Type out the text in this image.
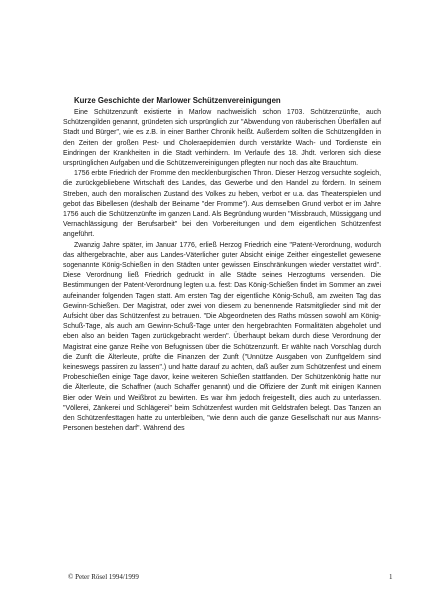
Kurze Geschichte der Marlower Schützenvereinigungen

Eine Schützenzunft existierte in Marlow nachweislich schon 1703. Schützenzünfte, auch Schützengilden genannt, gründeten sich ursprünglich zur "Abwendung von räuberischen Überfällen auf Stadt und Bürger", wie es z.B. in einer Barther Chronik heißt. Außerdem sollten die Schützengilden in den Zeiten der großen Pest- und Choleraepidemien durch verstärkte Wach- und Tordienste ein Eindringen der Krankheiten in die Stadt verhindern. Im Verlaufe des 18. Jhdt. verloren sich diese ursprünglichen Aufgaben und die Schützenvereinigungen pflegten nur noch das alte Brauchtum.

1756 erbte Friedrich der Fromme den mecklenburgischen Thron. Dieser Herzog versuchte sogleich, die zurückgebliebene Wirtschaft des Landes, das Gewerbe und den Handel zu fördern. In seinem Streben, auch den moralischen Zustand des Volkes zu heben, verbot er u.a. das Theaterspielen und gebot das Bibellesen (deshalb der Beiname "der Fromme"). Aus demselben Grund verbot er im Jahre 1756 auch die Schützenzünfte im ganzen Land. Als Begründung wurden "Missbrauch, Müssiggang und Vernachlässigung der Berufsarbeit" bei den Vorbereitungen und dem eigentlichen Schützenfest angeführt.

Zwanzig Jahre später, im Januar 1776, erließ Herzog Friedrich eine "Patent-Verordnung, wodurch das althergebrachte, aber aus Landes-Väterlicher guter Absicht einige Zeither eingestellet gewesene sogenannte König-Schießen in den Städten unter gewissen Einschränkungen wieder verstattet wird". Diese Verordnung ließ Friedrich gedruckt in alle Städte seines Herzogtums versenden. Die Bestimmungen der Patent-Verordnung legten u.a. fest: Das König-Schießen findet im Sommer an zwei aufeinander folgenden Tagen statt. Am ersten Tag der eigentliche König-Schuß, am zweiten Tag das Gewinn-Schießen. Der Magistrat, oder zwei von diesem zu benennende Ratsmitglieder sind mit der Aufsicht über das Schützenfest zu betrauen. "Die Abgeordneten des Raths müssen sowohl am König-Schuß-Tage, als auch am Gewinn-Schuß-Tage unter den hergebrachten Formalitäten abgeholet und eben also an beiden Tagen zurückgebracht werden". Überhaupt bekam durch diese Verordnung der Magistrat eine ganze Reihe von Befugnissen über die Schützenzunft. Er wählte nach Vorschlag durch die Zunft die Älterleute, prüfte die Finanzen der Zunft ("Unnütze Ausgaben von Zunftgeldern sind keineswegs passiren zu lassen".) und hatte darauf zu achten, daß außer zum Schützenfest und einem Probeschießen einige Tage davor, keine weiteren Schießen stattfanden. Der Schützenkönig hatte nur die Älterleute, die Schaffner (auch Schaffer genannt) und die Offiziere der Zunft mit einigen Kannen Bier oder Wein und Weißbrot zu bewirten. Es war ihm jedoch freigestellt, dies auch zu unterlassen. "Völlerei, Zänkerei und Schlägerei" beim Schützenfest wurden mit Geldstrafen belegt. Das Tanzen an den Schützenfesttagen hatte zu unterbleiben, "wie denn auch die ganze Gesellschaft nur aus Manns-Personen bestehen darf". Während des

© Peter Rösel 1994/1999	1
